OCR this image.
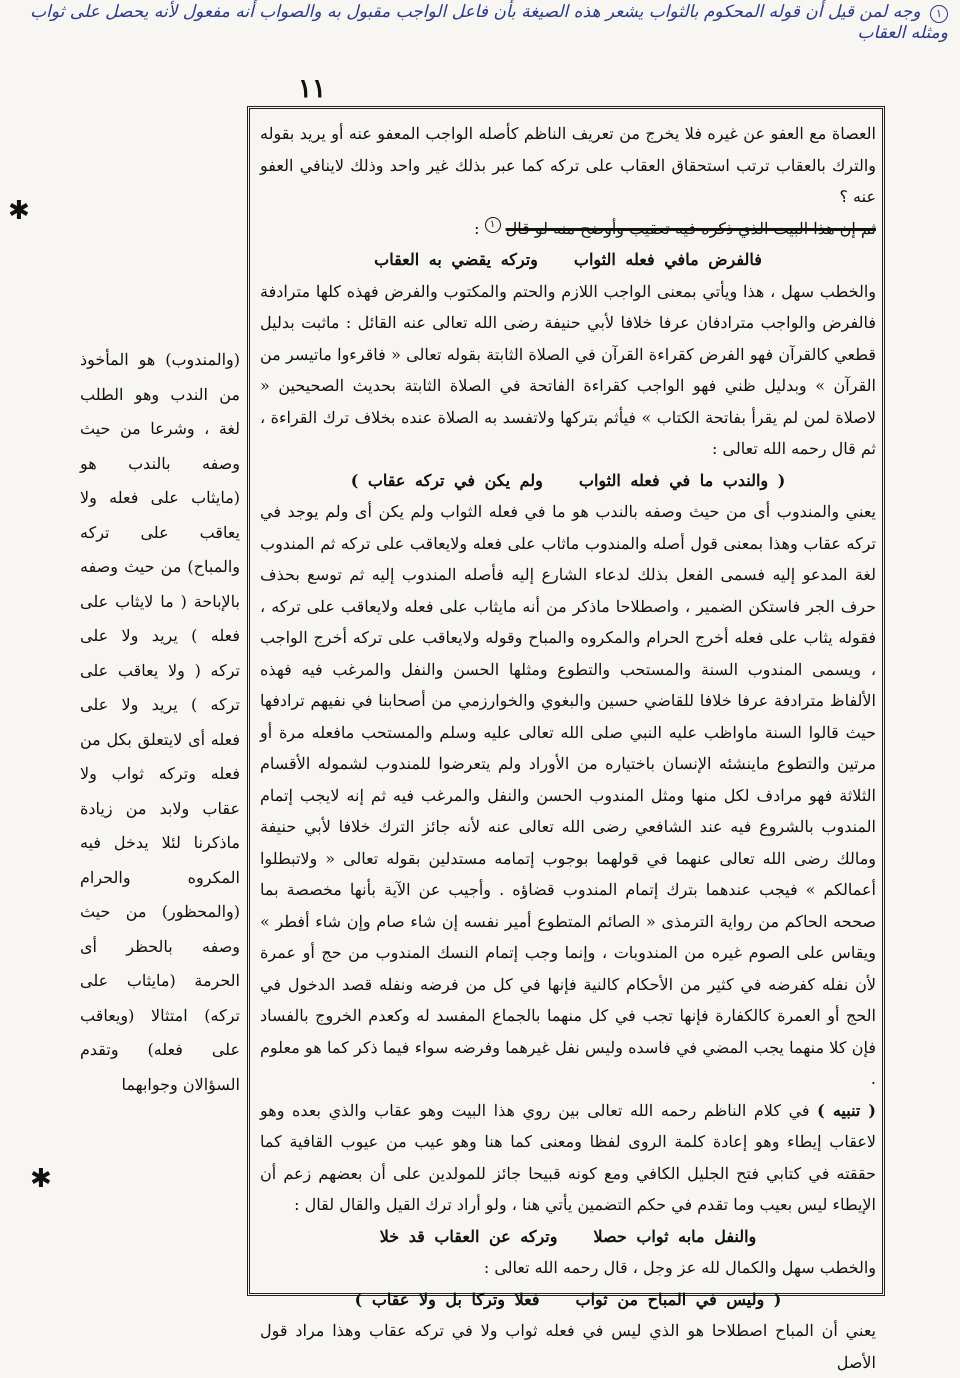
١ وجه لمن قيل أن قوله المحكوم بالثواب يشعر هذه الصيغة بأن فاعل الواجب مقبول به والصواب أنه مفعول لأنه يحصل على ثواب ومثله العقاب
١١

العصاة مع العفو عن غيره فلا يخرج من تعريف الناظم كأصله الواجب المعفو عنه أو يريد بقوله والترك بالعقاب ترتب استحقاق العقاب على تركه كما عبر بذلك غير واحد وذلك لاينافي العفو عنه ؟

ثم إن هذا البيت الذي ذكره فيه تعقيب وأوضح منه لو قال ١ :

فالفرض مافي فعله الثوابوتركه يقضي به العقاب

والخطب سهل ، هذا ويأتي بمعنى الواجب اللازم والحتم والمكتوب والفرض فهذه كلها مترادفة فالفرض والواجب مترادفان عرفا خلافا لأبي حنيفة رضى الله تعالى عنه القائل : ماثبت بدليل قطعي كالقرآن فهو الفرض كقراءة القرآن في الصلاة الثابتة بقوله تعالى « فاقرءوا ماتيسر من القرآن » وبدليل ظني فهو الواجب كقراءة الفاتحة في الصلاة الثابتة بحديث الصحيحين « لاصلاة لمن لم يقرأ بفاتحة الكتاب » فيأثم بتركها ولاتفسد به الصلاة عنده بخلاف ترك القراءة ، ثم قال رحمه الله تعالى :

( والندب ما في فعله الثوابولم يكن في تركه عقاب )

يعني والمندوب أى من حيث وصفه بالندب هو ما في فعله الثواب ولم يكن أى ولم يوجد في تركه عقاب وهذا بمعنى قول أصله والمندوب ماثاب على فعله ولايعاقب على تركه ثم المندوب لغة المدعو إليه فسمى الفعل بذلك لدعاء الشارع إليه فأصله المندوب إليه ثم توسع بحذف حرف الجر فاستكن الضمير ، واصطلاحا ماذكر من أنه مايثاب على فعله ولايعاقب على تركه ، فقوله يثاب على فعله أخرج الحرام والمكروه والمباح وقوله ولايعاقب على تركه أخرج الواجب ، ويسمى المندوب السنة والمستحب والتطوع ومثلها الحسن والنفل والمرغب فيه فهذه الألفاظ مترادفة عرفا خلافا للقاضي حسين والبغوي والخوارزمي من أصحابنا في نفيهم ترادفها حيث قالوا السنة ماواظب عليه النبي صلى الله تعالى عليه وسلم والمستحب مافعله مرة أو مرتين والتطوع ماينشئه الإنسان باختياره من الأوراد ولم يتعرضوا للمندوب لشموله الأقسام الثلاثة فهو مرادف لكل منها ومثل المندوب الحسن والنفل والمرغب فيه ثم إنه لايجب إتمام المندوب بالشروع فيه عند الشافعي رضى الله تعالى عنه لأنه جائز الترك خلافا لأبي حنيفة ومالك رضى الله تعالى عنهما في قولهما بوجوب إتمامه مستدلين بقوله تعالى « ولاتبطلوا أعمالكم » فيجب عندهما بترك إتمام المندوب قضاؤه . وأجيب عن الآية بأنها مخصصة بما صححه الحاكم من رواية الترمذى « الصائم المتطوع أمير نفسه إن شاء صام وإن شاء أفطر » ويقاس على الصوم غيره من المندوبات ، وإنما وجب إتمام النسك المندوب من حج أو عمرة لأن نفله كفرضه في كثير من الأحكام كالنية فإنها في كل من فرضه ونفله قصد الدخول في الحج أو العمرة كالكفارة فإنها تجب في كل منهما بالجماع المفسد له وكعدم الخروج بالفساد فإن كلا منهما يجب المضي في فاسده وليس نفل غيرهما وفرضه سواء فيما ذكر كما هو معلوم .

( تنبيه ) في كلام الناظم رحمه الله تعالى بين روي هذا البيت وهو عقاب والذي بعده وهو لاعقاب إيطاء وهو إعادة كلمة الروى لفظا ومعنى كما هنا وهو عيب من عيوب القافية كما حققته في كتابي فتح الجليل الكافي ومع كونه قبيحا جائز للمولدين على أن بعضهم زعم أن الإيطاء ليس بعيب وما تقدم في حكم التضمين يأتي هنا ، ولو أراد ترك القيل والقال لقال :

والنفل مابه ثواب حصلاوتركه عن العقاب قد خلا

والخطب سهل والكمال لله عز وجل ، قال رحمه الله تعالى :

( وليس في المباح من ثوابفعلا وتركا بل ولا عقاب )

يعني أن المباح اصطلاحا هو الذي ليس في فعله ثواب ولا في تركه عقاب وهذا مراد قول الأصل

(والمندوب) هو المأخوذ من الندب وهو الطلب لغة ، وشرعا من حيث وصفه بالندب هو (مايثاب على فعله ولا يعاقب على تركه والمباح) من حيث وصفه بالإباحة ( ما لايثاب على فعله ) يريد ولا على تركه ( ولا يعاقب على تركه ) يريد ولا على فعله أى لايتعلق بكل من فعله وتركه ثواب ولا عقاب ولابد من زيادة ماذكرنا لئلا يدخل فيه المكروه والحرام (والمحظور) من حيث وصفه بالحظر أى الحرمة (مايثاب على تركه) امتثالا (ويعاقب على فعله) وتقدم السؤالان وجوابهما
✱
✱
